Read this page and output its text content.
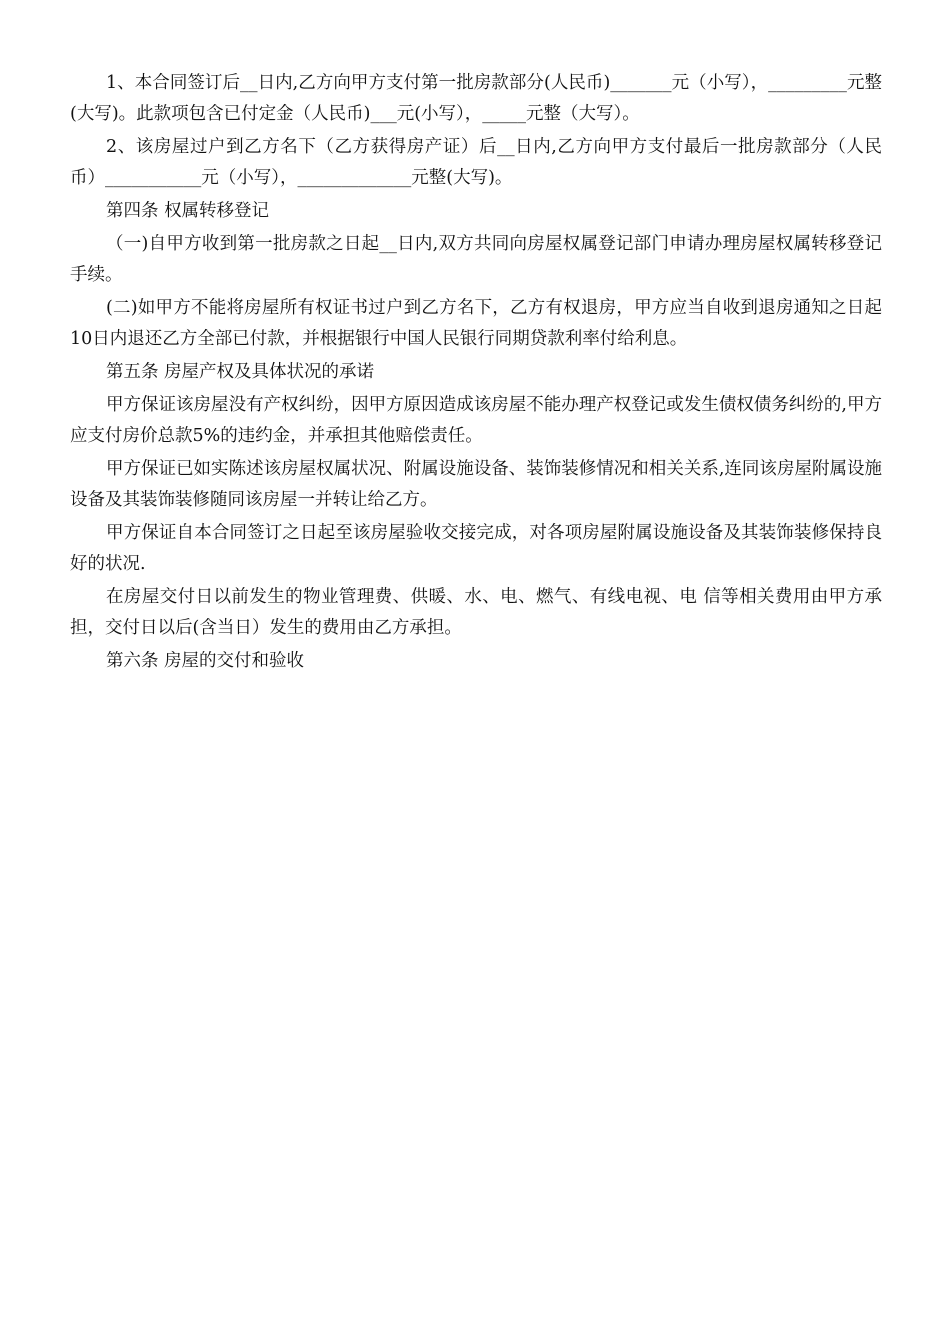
1、本合同签订后__日内,乙方向甲方支付第一批房款部分(人民币)_______元（小写），_________元整(大写)。此款项包含已付定金（人民币)___元(小写），_____元整（大写）。

2、该房屋过户到乙方名下（乙方获得房产证）后__日内,乙方向甲方支付最后一批房款部分（人民币）___________元（小写），_____________元整(大写)。

第四条 权属转移登记

（一)自甲方收到第一批房款之日起__日内,双方共同向房屋权属登记部门申请办理房屋权属转移登记手续。

(二)如甲方不能将房屋所有权证书过户到乙方名下，乙方有权退房，甲方应当自收到退房通知之日起10日内退还乙方全部已付款，并根据银行中国人民银行同期贷款利率付给利息。

第五条 房屋产权及具体状况的承诺

甲方保证该房屋没有产权纠纷，因甲方原因造成该房屋不能办理产权登记或发生债权债务纠纷的,甲方应支付房价总款5%的违约金，并承担其他赔偿责任。

甲方保证已如实陈述该房屋权属状况、附属设施设备、装饰装修情况和相关关系,连同该房屋附属设施设备及其装饰装修随同该房屋一并转让给乙方。

甲方保证自本合同签订之日起至该房屋验收交接完成，对各项房屋附属设施设备及其装饰装修保持良好的状况.

在房屋交付日以前发生的物业管理费、供暖、水、电、燃气、有线电视、电 信等相关费用由甲方承担，交付日以后(含当日）发生的费用由乙方承担。

第六条 房屋的交付和验收
